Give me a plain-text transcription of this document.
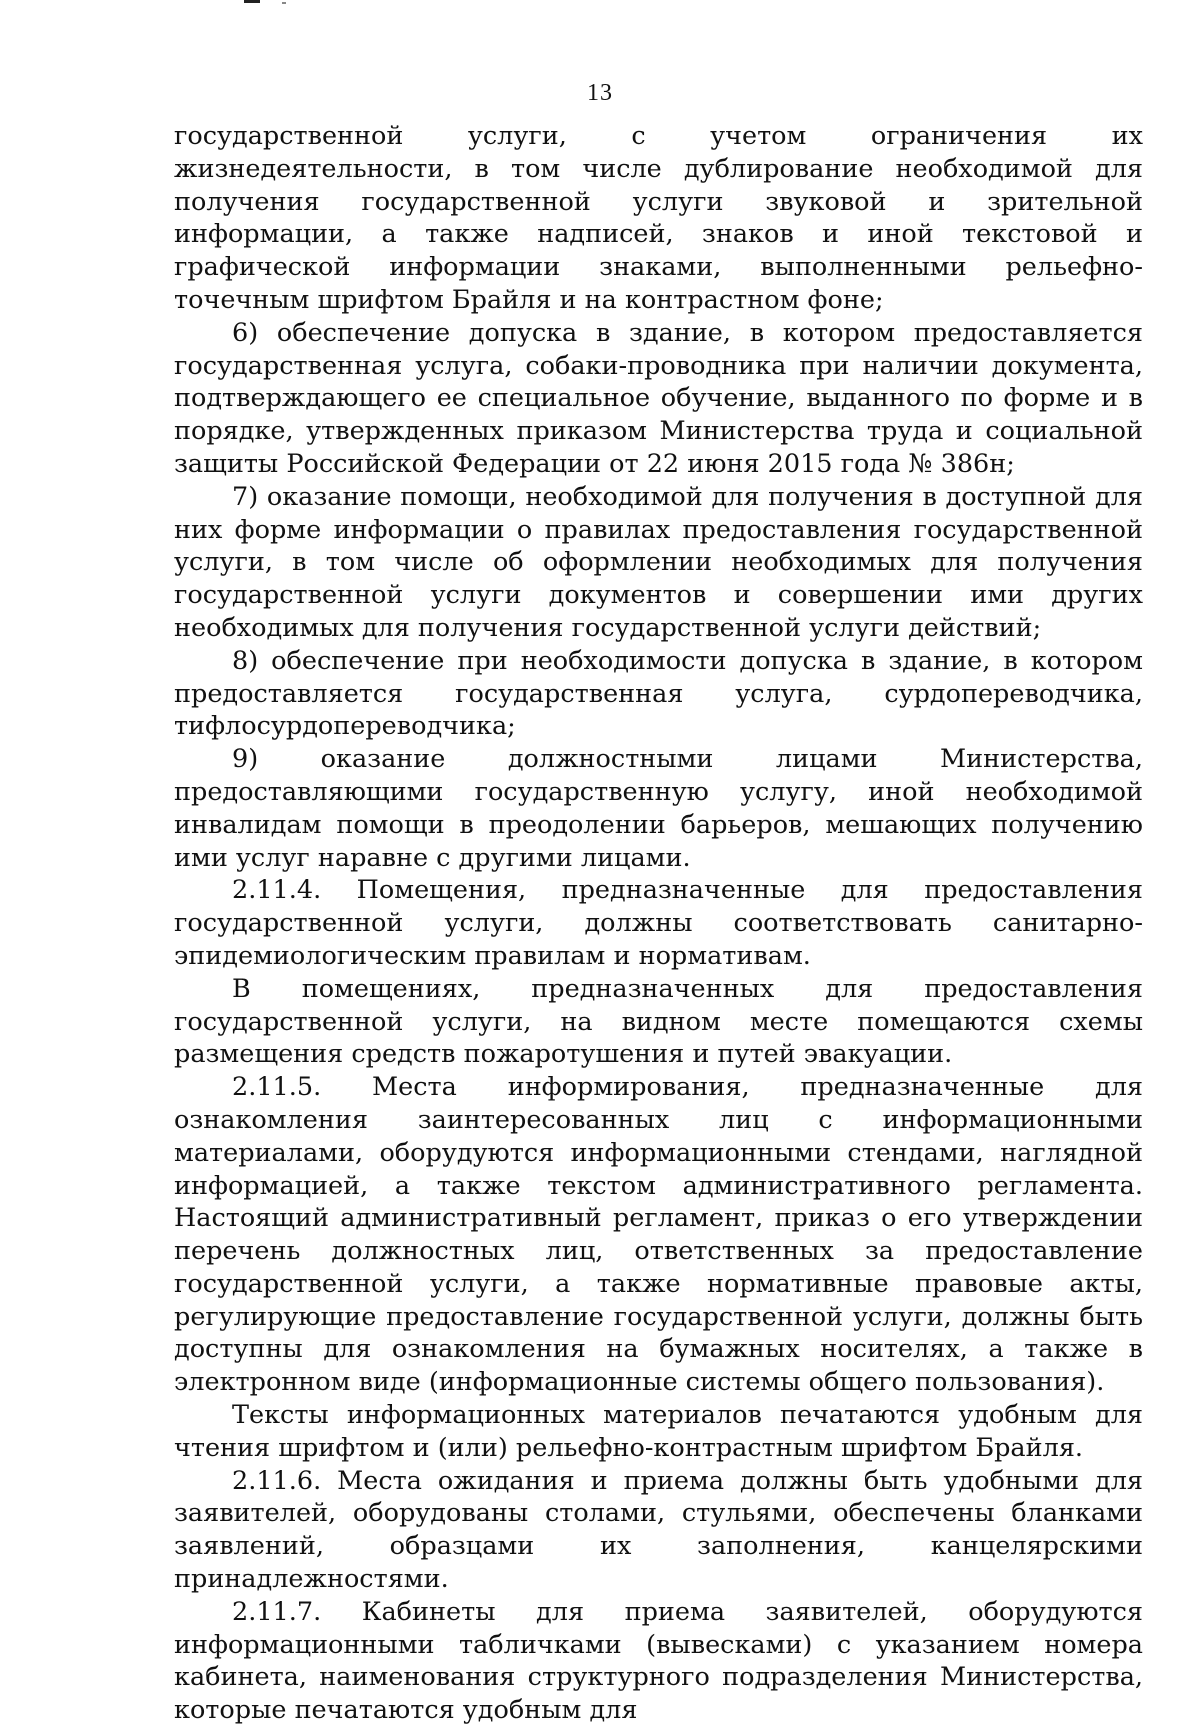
13

государственной услуги, с учетом ограничения их жизнедеятельности, в том числе дублирование необходимой для получения государственной услуги звуковой и зрительной информации, а также надписей, знаков и иной текстовой и графической информации знаками, выполненными рельефно-точечным шрифтом Брайля и на контрастном фоне;

6) обеспечение допуска в здание, в котором предоставляется государственная услуга, собаки-проводника при наличии документа, подтверждающего ее специальное обучение, выданного по форме и в порядке, утвержденных приказом Министерства труда и социальной защиты Российской Федерации от 22 июня 2015 года № 386н;

7) оказание помощи, необходимой для получения в доступной для них форме информации о правилах предоставления государственной услуги, в том числе об оформлении необходимых для получения государственной услуги документов и совершении ими других необходимых для получения государственной услуги действий;

8) обеспечение при необходимости допуска в здание, в котором предоставляется государственная услуга, сурдопереводчика, тифлосурдопереводчика;

9) оказание должностными лицами Министерства, предоставляющими государственную услугу, иной необходимой инвалидам помощи в преодолении барьеров, мешающих получению ими услуг наравне с другими лицами.

2.11.4. Помещения, предназначенные для предоставления государственной услуги, должны соответствовать санитарно-эпидемиологическим правилам и нормативам.

В помещениях, предназначенных для предоставления государственной услуги, на видном месте помещаются схемы размещения средств пожаротушения и путей эвакуации.

2.11.5. Места информирования, предназначенные для ознакомления заинтересованных лиц с информационными материалами, оборудуются информационными стендами, наглядной информацией, а также текстом административного регламента. Настоящий административный регламент, приказ о его утверждении перечень должностных лиц, ответственных за предоставление государственной услуги, а также нормативные правовые акты, регулирующие предоставление государственной услуги, должны быть доступны для ознакомления на бумажных носителях, а также в электронном виде (информационные системы общего пользования).

Тексты информационных материалов печатаются удобным для чтения шрифтом и (или) рельефно-контрастным шрифтом Брайля.

2.11.6. Места ожидания и приема должны быть удобными для заявителей, оборудованы столами, стульями, обеспечены бланками заявлений, образцами их заполнения, канцелярскими принадлежностями.

2.11.7. Кабинеты для приема заявителей, оборудуются информационными табличками (вывесками) с указанием номера кабинета, наименования структурного подразделения Министерства, которые печатаются удобным для
